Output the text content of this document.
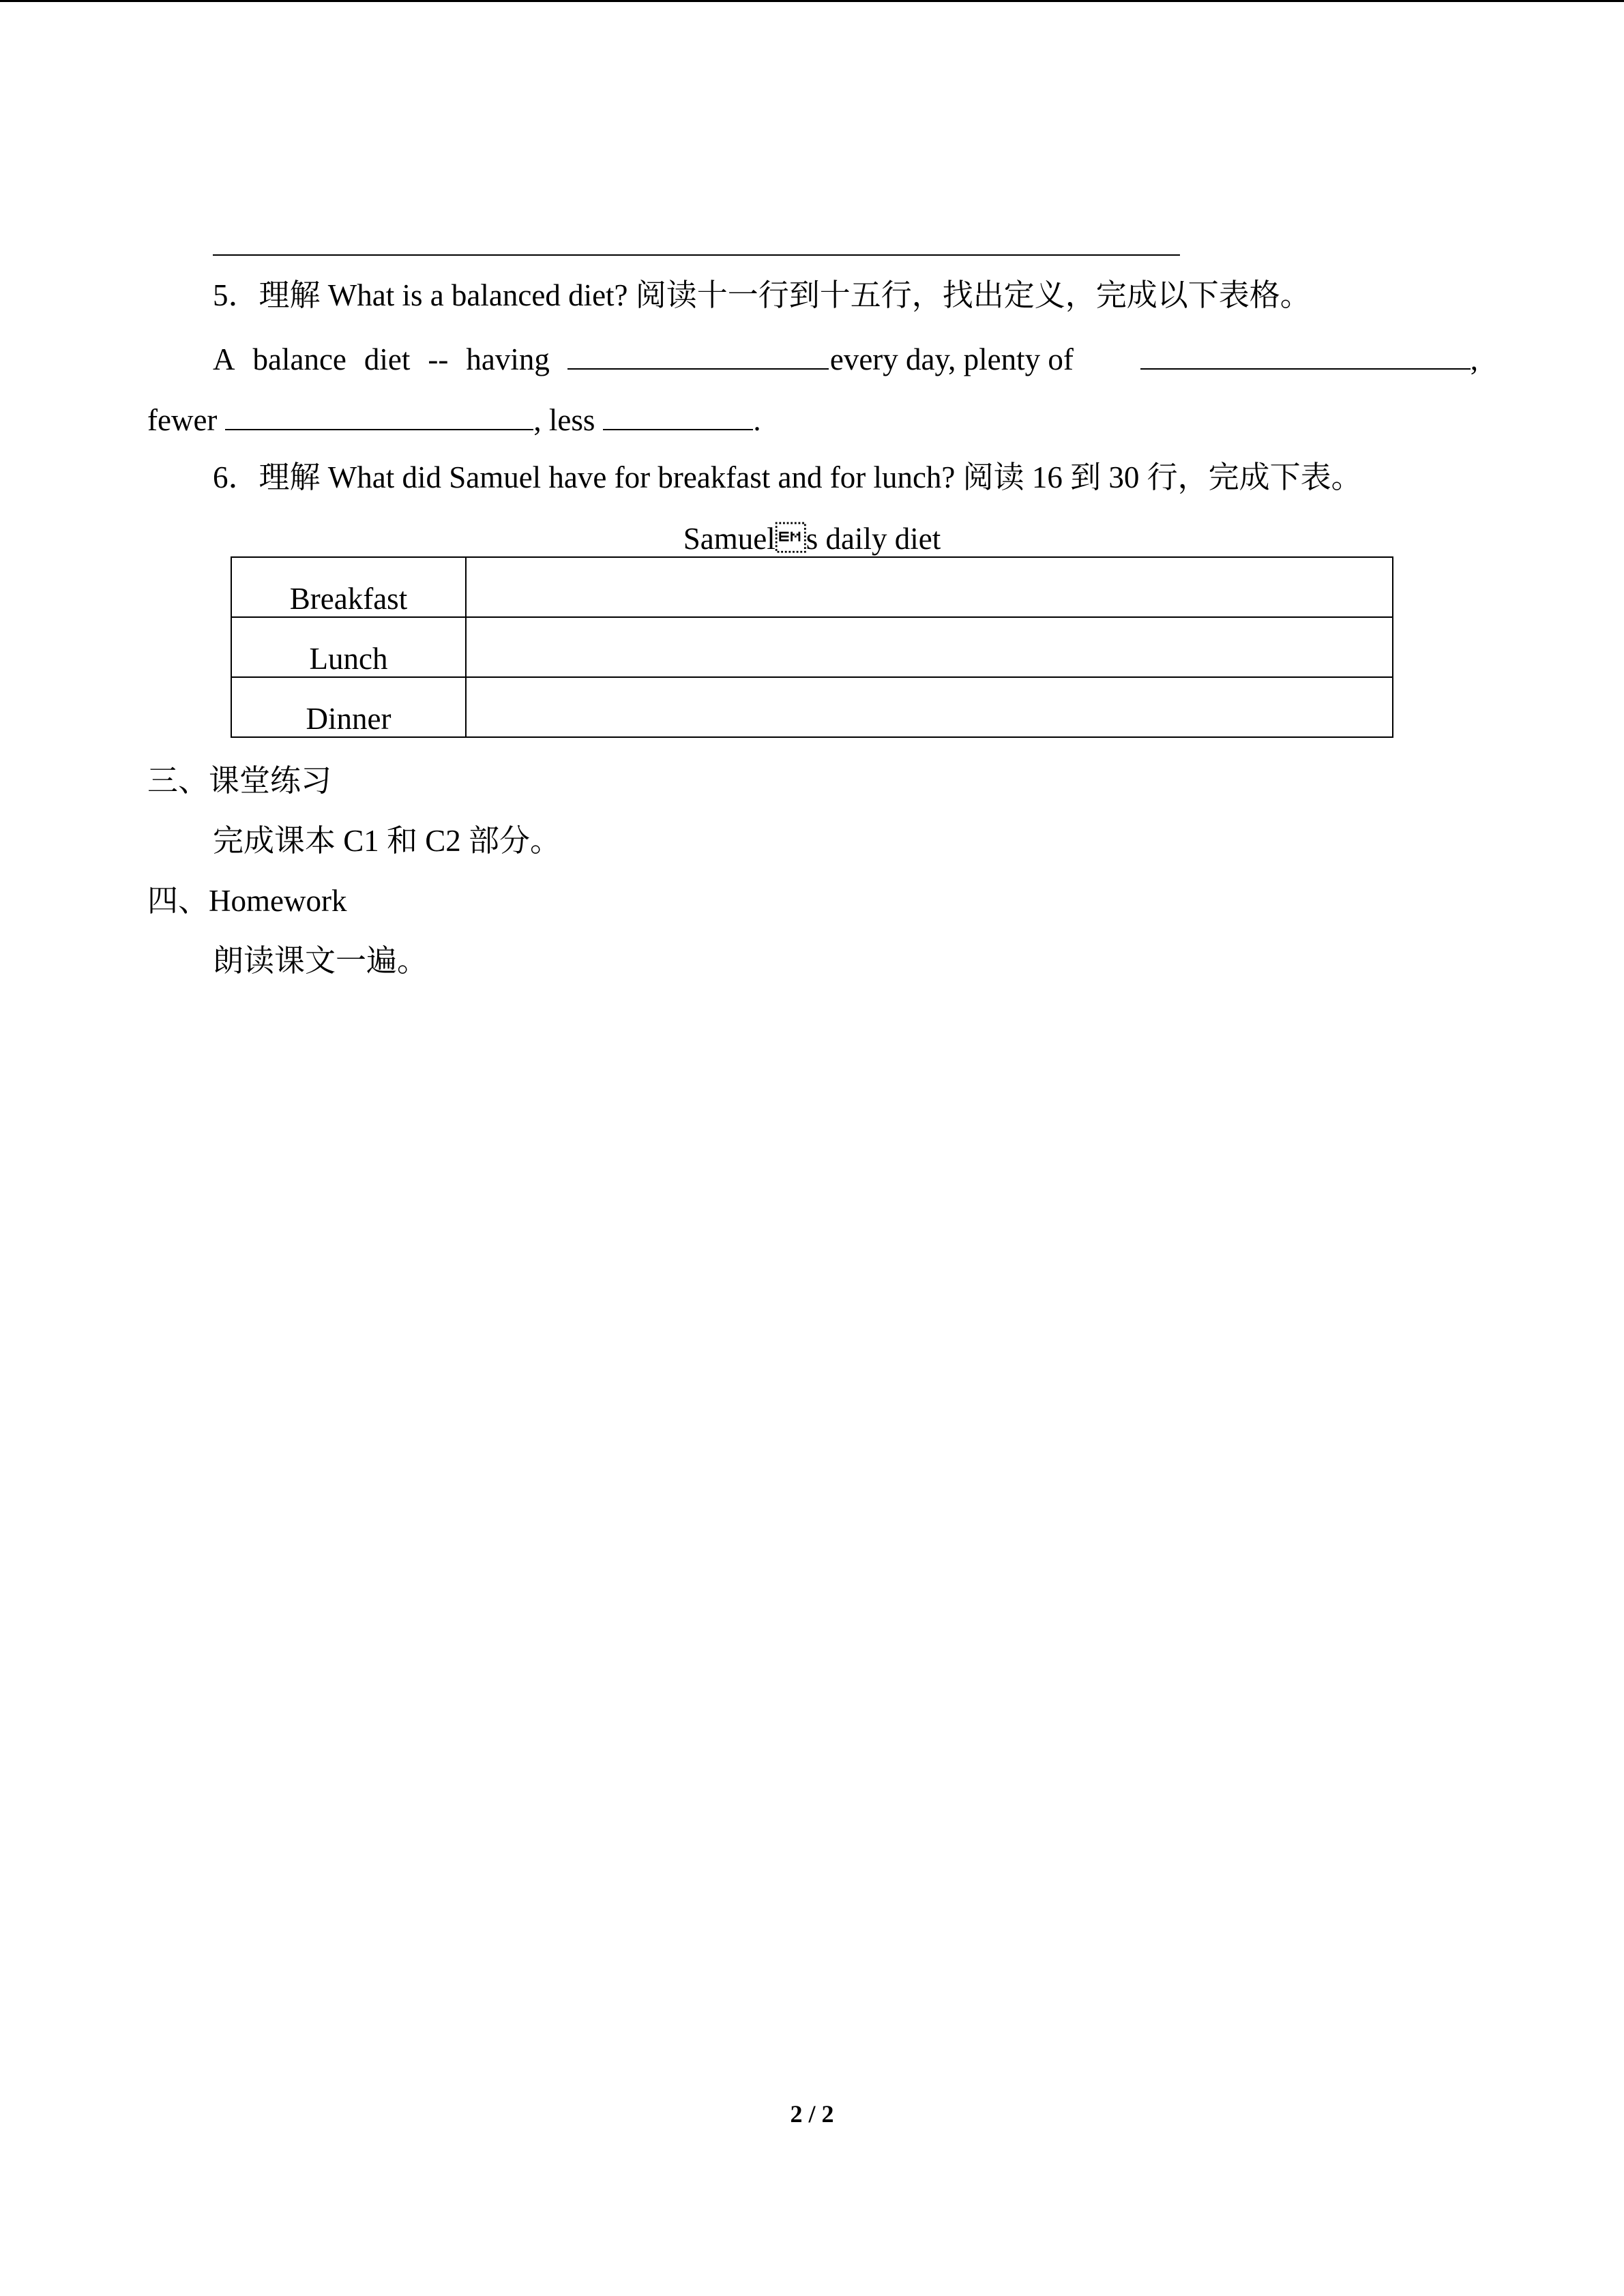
5．理解 What is a balanced diet? 阅读十一行到十五行，找出定义，完成以下表格。
A balance diet -- having	every day, plenty of	,
fewer	, less	.
6．理解 What did Samuel have for breakfast and for lunch? 阅读 16 到 30 行，完成下表。
Samuels daily diet
Breakfast	
Lunch	
Dinner	
三、课堂练习
完成课本 C1 和 C2 部分。
四、Homework
朗读课文一遍。
2 / 2
